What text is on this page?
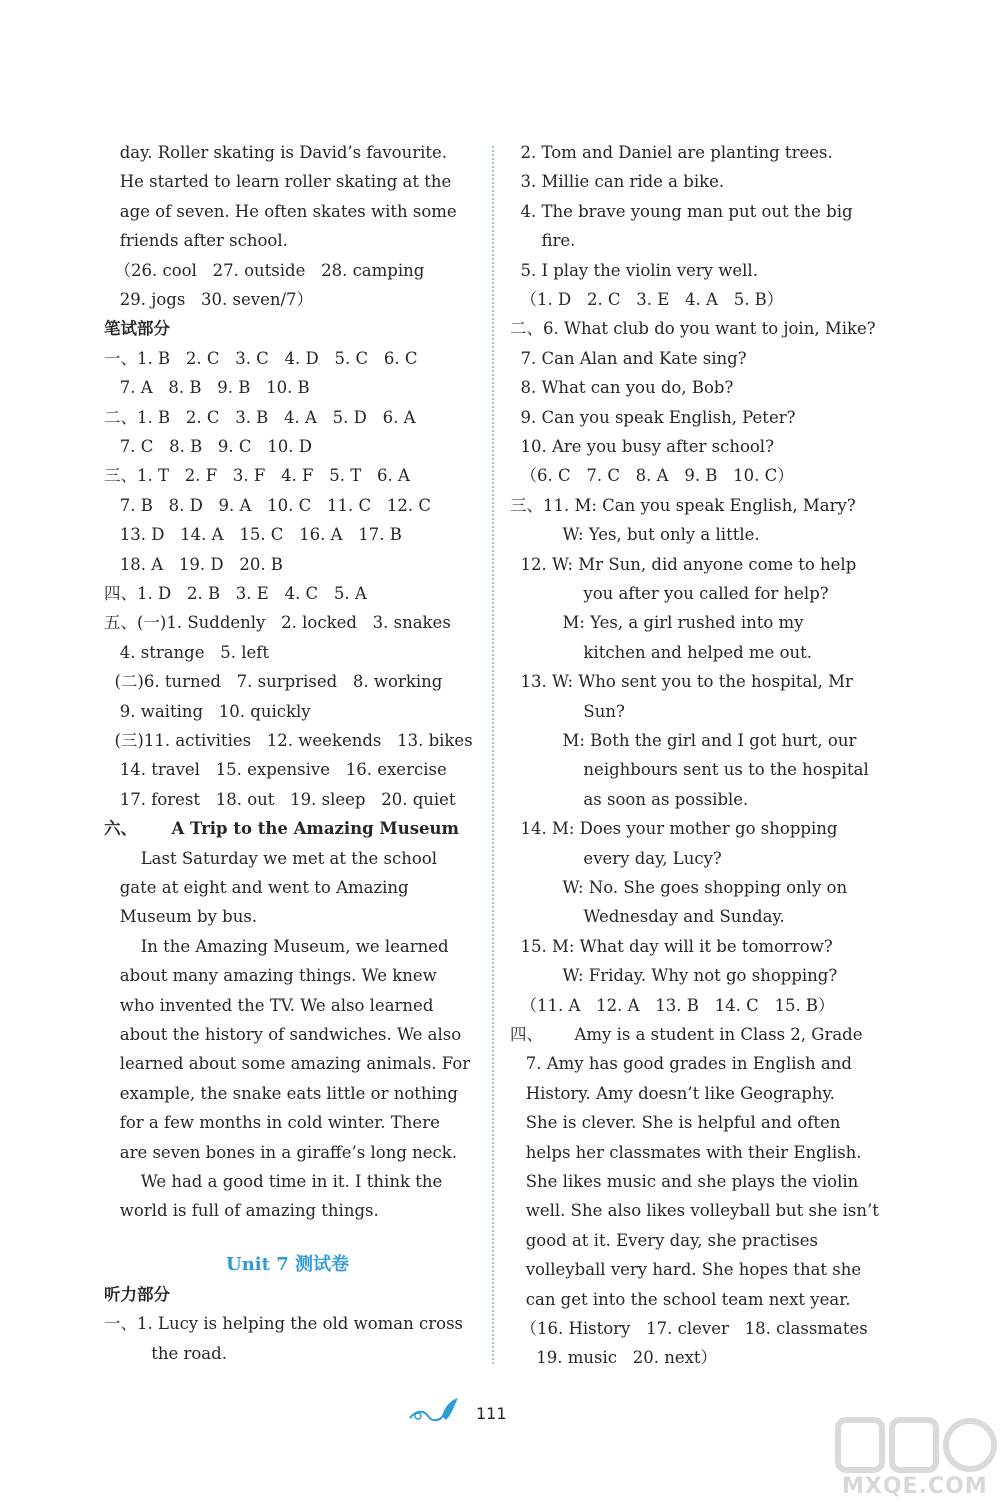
day. Roller skating is David’s favourite.
He started to learn roller skating at the
age of seven. He often skates with some
friends after school.
（26. cool   27. outside   28. camping
29. jogs   30. seven/7）
笔试部分
一、1. B   2. C   3. C   4. D   5. C   6. C
7. A   8. B   9. B   10. B
二、1. B   2. C   3. B   4. A   5. D   6. A
7. C   8. B   9. C   10. D
三、1. T   2. F   3. F   4. F   5. T   6. A
7. B   8. D   9. A   10. C   11. C   12. C
13. D   14. A   15. C   16. A   17. B
18. A   19. D   20. B
四、1. D   2. B   3. E   4. C   5. A
五、(一)1. Suddenly   2. locked   3. snakes
4. strange   5. left
(二)6. turned   7. surprised   8. working
9. waiting   10. quickly
(三)11. activities   12. weekends   13. bikes
14. travel   15. expensive   16. exercise
17. forest   18. out   19. sleep   20. quiet
六、      A Trip to the Amazing Museum
Last Saturday we met at the school
gate at eight and went to Amazing
Museum by bus.
In the Amazing Museum, we learned
about many amazing things. We knew
who invented the TV. We also learned
about the history of sandwiches. We also
learned about some amazing animals. For
example, the snake eats little or nothing
for a few months in cold winter. There
are seven bones in a giraffe’s long neck.
We had a good time in it. I think the
world is full of amazing things.
听力部分
一、1. Lucy is helping the old woman cross
the road.
2. Tom and Daniel are planting trees.
3. Millie can ride a bike.
4. The brave young man put out the big
fire.
5. I play the violin very well.
（1. D   2. C   3. E   4. A   5. B）
二、6. What club do you want to join, Mike?
7. Can Alan and Kate sing?
8. What can you do, Bob?
9. Can you speak English, Peter?
10. Are you busy after school?
（6. C   7. C   8. A   9. B   10. C）
三、11. M: Can you speak English, Mary?
W: Yes, but only a little.
12. W: Mr Sun, did anyone come to help
you after you called for help?
M: Yes, a girl rushed into my
kitchen and helped me out.
13. W: Who sent you to the hospital, Mr
Sun?
M: Both the girl and I got hurt, our
neighbours sent us to the hospital
as soon as possible.
14. M: Does your mother go shopping
every day, Lucy?
W: No. She goes shopping only on
Wednesday and Sunday.
15. M: What day will it be tomorrow?
W: Friday. Why not go shopping?
（11. A   12. A   13. B   14. C   15. B）
四、      Amy is a student in Class 2, Grade
7. Amy has good grades in English and
History. Amy doesn’t like Geography.
She is clever. She is helpful and often
helps her classmates with their English.
She likes music and she plays the violin
well. She also likes volleyball but she isn’t
good at it. Every day, she practises
volleyball very hard. She hopes that she
can get into the school team next year.
（16. History   17. clever   18. classmates
19. music   20. next）
Unit 7 测试卷
111
MXQE.COM
